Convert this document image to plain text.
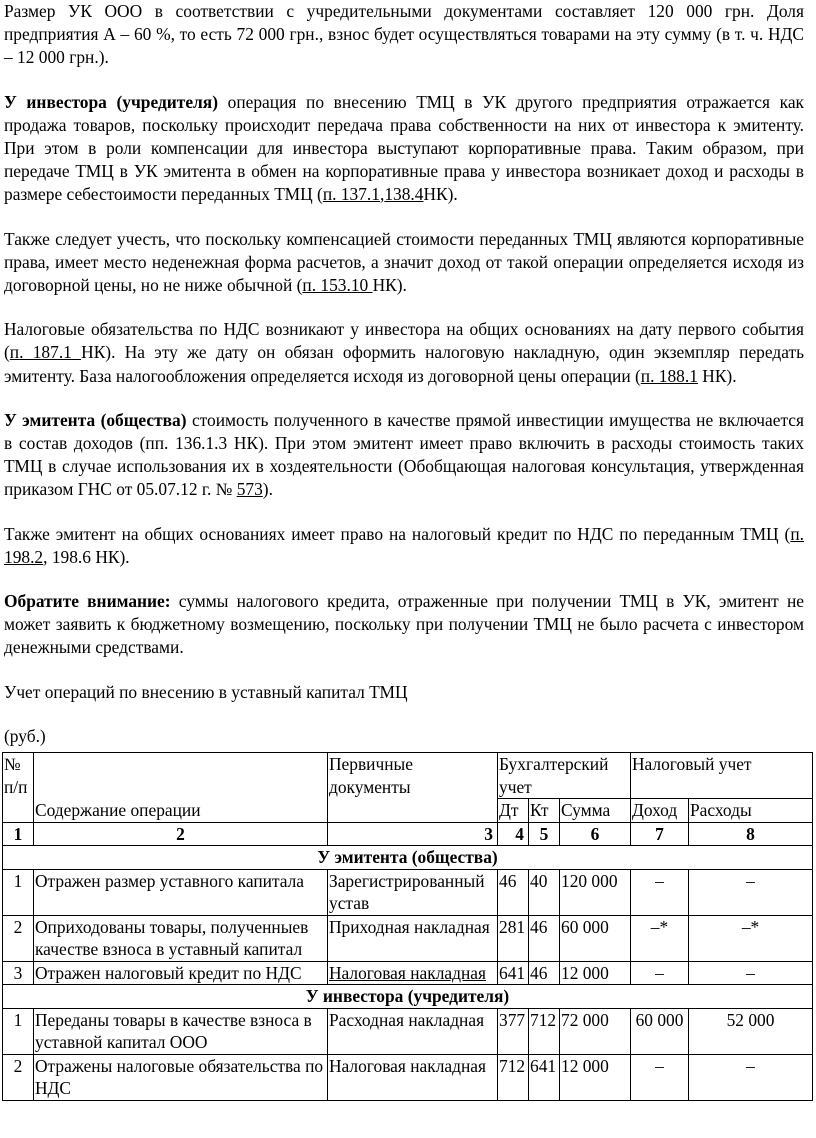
Размер УК ООО в соответствии с учредительными документами составляет 120 000 грн. Доля предприятия А – 60 %, то есть 72 000 грн., взнос будет осуществляться товарами на эту сумму (в т. ч. НДС – 12 000 грн.).

У инвестора (учредителя) операция по внесению ТМЦ в УК другого предприятия отражается как продажа товаров, поскольку происходит передача права собственности на них от инвестора к эмитенту. При этом в роли компенсации для инвестора выступают корпоративные права. Таким образом, при передаче ТМЦ в УК эмитента в обмен на корпоративные права у инвестора возникает доход и расходы в размере себестоимости переданных ТМЦ (п. 137.1,138.4НК).

Также следует учесть, что поскольку компенсацией стоимости переданных ТМЦ являются корпоративные права, имеет место неденежная форма расчетов, а значит доход от такой операции определяется исходя из договорной цены, но не ниже обычной (п. 153.10 НК).

Налоговые обязательства по НДС возникают у инвестора на общих основаниях на дату первого события (п. 187.1 НК). На эту же дату он обязан оформить налоговую накладную, один экземпляр передать эмитенту. База налогообложения определяется исходя из договорной цены операции (п. 188.1 НК).

У эмитента (общества) стоимость полученного в качестве прямой инвестиции имущества не включается в состав доходов (пп. 136.1.3 НК). При этом эмитент имеет право включить в расходы стоимость таких ТМЦ в случае использования их в хоздеятельности (Обобщающая налоговая консультация, утвержденная приказом ГНС от 05.07.12 г. № 573).

Также эмитент на общих основаниях имеет право на налоговый кредит по НДС по переданным ТМЦ (п. 198.2, 198.6 НК).

Обратите внимание: суммы налогового кредита, отраженные при получении ТМЦ в УК, эмитент не может заявить к бюджетному возмещению, поскольку при получении ТМЦ не было расчета с инвестором денежными средствами.

Учет операций по внесению в уставный капитал ТМЦ

(руб.)

№ п/п	Содержание операции	Первичные документы	Бухгалтерский учет			Налоговый учет	
			Дт	Кт	Сумма	Доход	Расходы
1	2	3	4	5	6	7	8
У эмитента (общества)							
1	Отражен размер уставного капитала	Зарегистрированный устав	46	40	120 000	–	–
2	Оприходованы товары, полученныев качестве взноса в уставный капитал	Приходная накладная	281	46	60 000	–*	–*
3	Отражен налоговый кредит по НДС	Налоговая накладная	641	46	12 000	–	–
У инвестора (учредителя)							
1	Переданы товары в качестве взноса в уставной капитал ООО	Расходная накладная	377	712	72 000	60 000	52 000
2	Отражены налоговые обязательства по НДС	Налоговая накладная	712	641	12 000	–	–
